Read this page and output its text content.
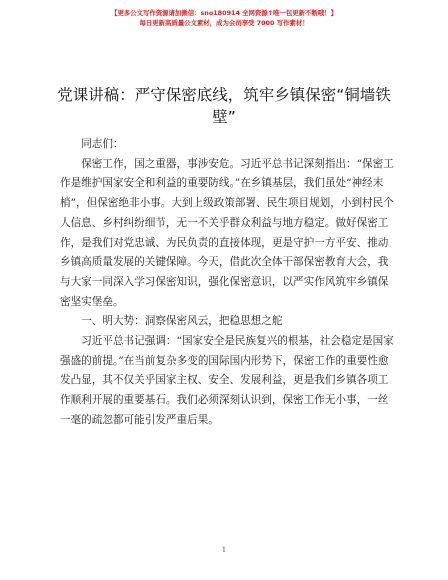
【更多公文写作资源请加微信：sno180914 全网资源↑唯一包更新不断哦！】
每日更新高质量公文素材，成为会员享受 7000 写作素材！
党课讲稿：严守保密底线，筑牢乡镇保密“铜墙铁壁”

同志们：

保密工作，国之重器，事涉安危。习近平总书记深刻指出：“保密工作是维护国家安全和利益的重要防线。”在乡镇基层，我们虽处“神经末梢”，但保密绝非小事。大到上级政策部署、民生项目规划，小到村民个人信息、乡村纠纷细节，无一不关乎群众利益与地方稳定。做好保密工作，是我们对党忠诚、为民负责的直接体现，更是守护一方平安、推动乡镇高质量发展的关键保障。今天，借此次全体干部保密教育大会，我与大家一同深入学习保密知识，强化保密意识，以严实作风筑牢乡镇保密坚实堡垒。

一、明大势：洞察保密风云，把稳思想之舵

习近平总书记强调：“国家安全是民族复兴的根基，社会稳定是国家强盛的前提。”在当前复杂多变的国际国内形势下，保密工作的重要性愈发凸显，其不仅关乎国家主权、安全、发展利益，更是我们乡镇各项工作顺利开展的重要基石。我们必须深刻认识到，保密工作无小事，一丝一毫的疏忽都可能引发严重后果。

1
